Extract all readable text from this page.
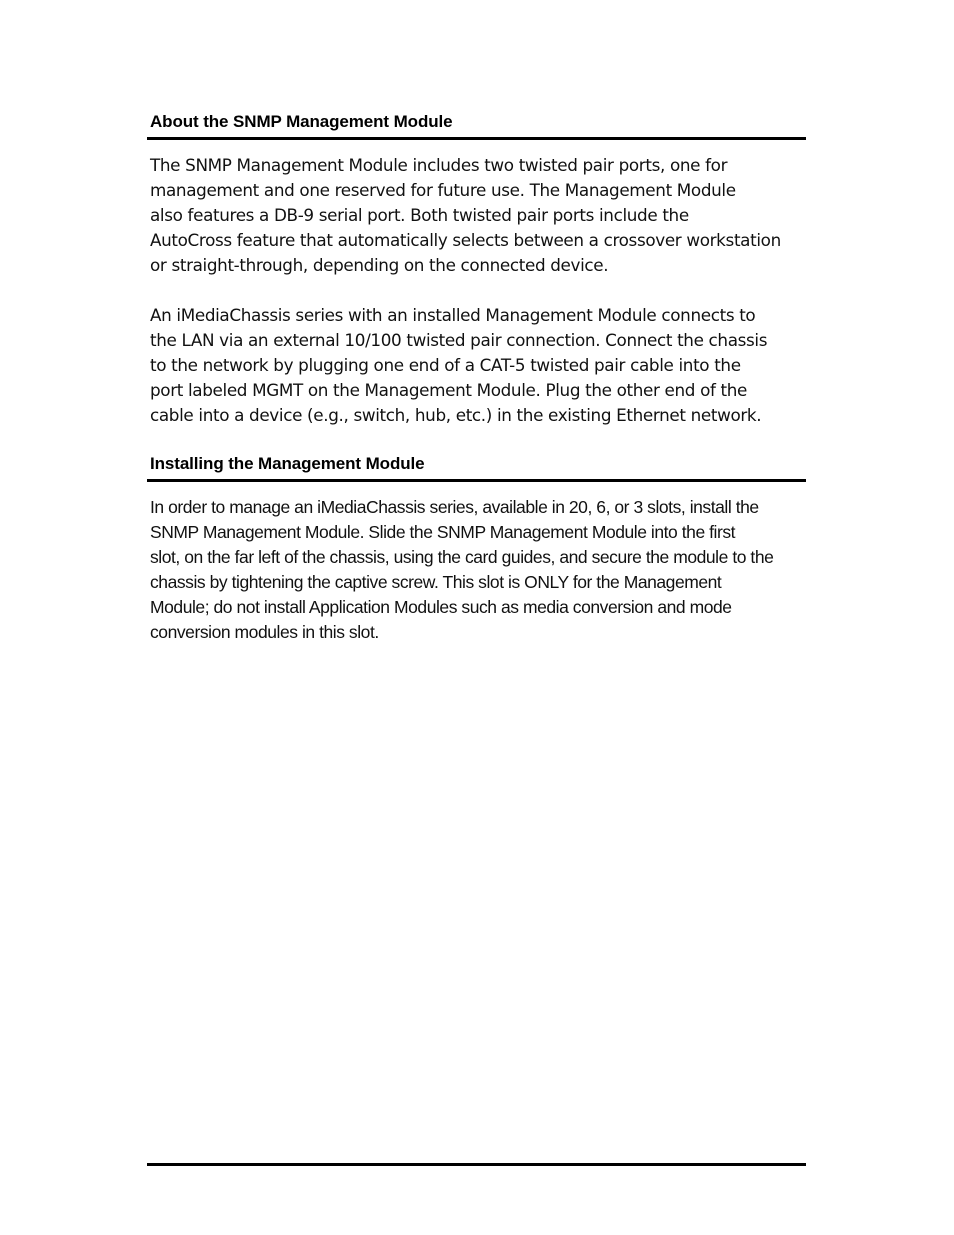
About the SNMP Management Module

The SNMP Management Module includes two twisted pair ports, one for
management and one reserved for future use. The Management Module
also features a DB-9 serial port. Both twisted pair ports include the
AutoCross feature that automatically selects between a crossover workstation
or straight-through, depending on the connected device.

An iMediaChassis series with an installed Management Module connects to
the LAN via an external 10/100 twisted pair connection. Connect the chassis
to the network by plugging one end of a CAT-5 twisted pair cable into the
port labeled MGMT on the Management Module. Plug the other end of the
cable into a device (e.g., switch, hub, etc.) in the existing Ethernet network.

Installing the Management Module

In order to manage an iMediaChassis series, available in 20, 6, or 3 slots, install the
SNMP Management Module. Slide the SNMP Management Module into the first
slot, on the far left of the chassis, using the card guides, and secure the module to the
chassis by tightening the captive screw. This slot is ONLY for the Management
Module; do not install Application Modules such as media conversion and mode
conversion modules in this slot.
